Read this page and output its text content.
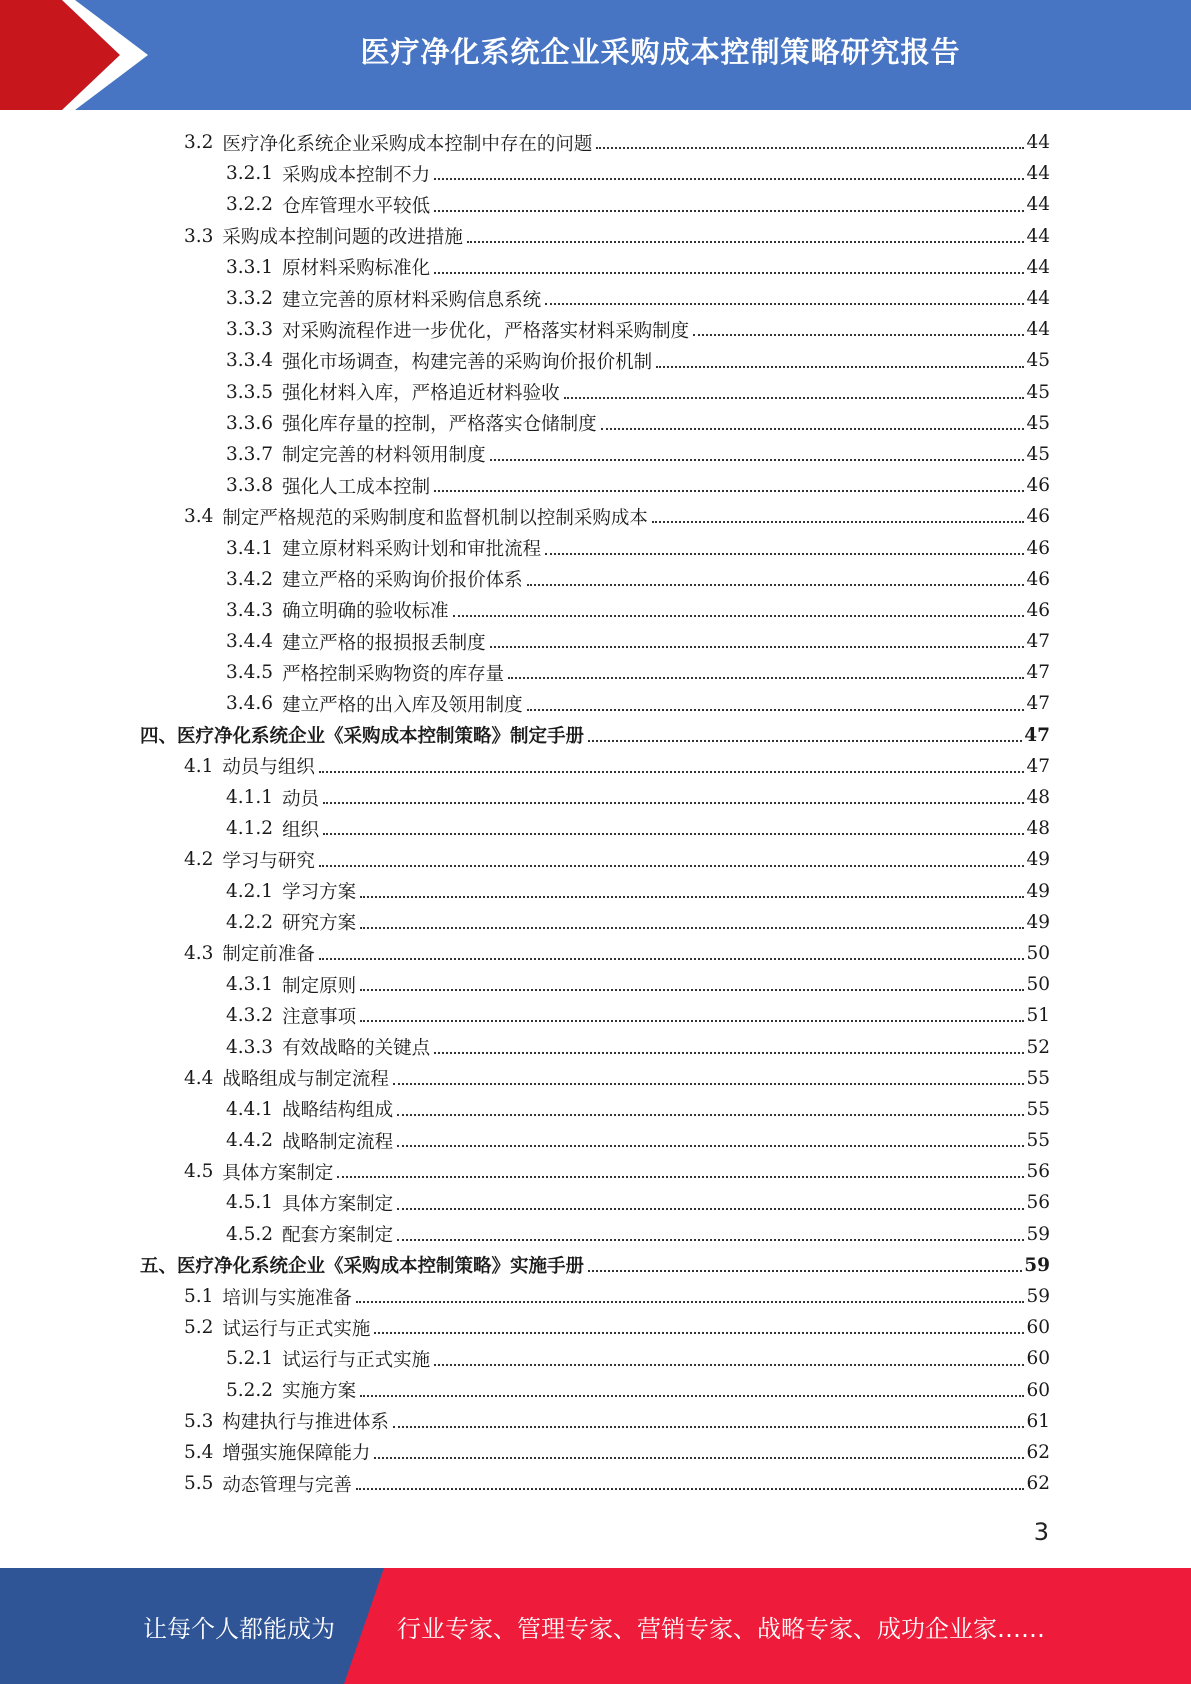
医疗净化系统企业采购成本控制策略研究报告
3.2 医疗净化系统企业采购成本控制中存在的问题	44
3.2.1 采购成本控制不力	44
3.2.2 仓库管理水平较低	44
3.3 采购成本控制问题的改进措施	44
3.3.1 原材料采购标准化	44
3.3.2 建立完善的原材料采购信息系统	44
3.3.3 对采购流程作进一步优化，严格落实材料采购制度	44
3.3.4 强化市场调查，构建完善的采购询价报价机制	45
3.3.5 强化材料入库，严格追近材料验收	45
3.3.6 强化库存量的控制，严格落实仓储制度	45
3.3.7 制定完善的材料领用制度	45
3.3.8 强化人工成本控制	46
3.4 制定严格规范的采购制度和监督机制以控制采购成本	46
3.4.1 建立原材料采购计划和审批流程	46
3.4.2 建立严格的采购询价报价体系	46
3.4.3 确立明确的验收标准	46
3.4.4 建立严格的报损报丢制度	47
3.4.5 严格控制采购物资的库存量	47
3.4.6 建立严格的出入库及领用制度	47
四、医疗净化系统企业《采购成本控制策略》制定手册	47
4.1 动员与组织	47
4.1.1 动员	48
4.1.2 组织	48
4.2 学习与研究	49
4.2.1 学习方案	49
4.2.2 研究方案	49
4.3 制定前准备	50
4.3.1 制定原则	50
4.3.2 注意事项	51
4.3.3 有效战略的关键点	52
4.4 战略组成与制定流程	55
4.4.1 战略结构组成	55
4.4.2 战略制定流程	55
4.5 具体方案制定	56
4.5.1 具体方案制定	56
4.5.2 配套方案制定	59
五、医疗净化系统企业《采购成本控制策略》实施手册	59
5.1 培训与实施准备	59
5.2 试运行与正式实施	60
5.2.1 试运行与正式实施	60
5.2.2 实施方案	60
5.3 构建执行与推进体系	61
5.4 增强实施保障能力	62
5.5 动态管理与完善	62
3
让每个人都能成为	行业专家、管理专家、营销专家、战略专家、成功企业家……
